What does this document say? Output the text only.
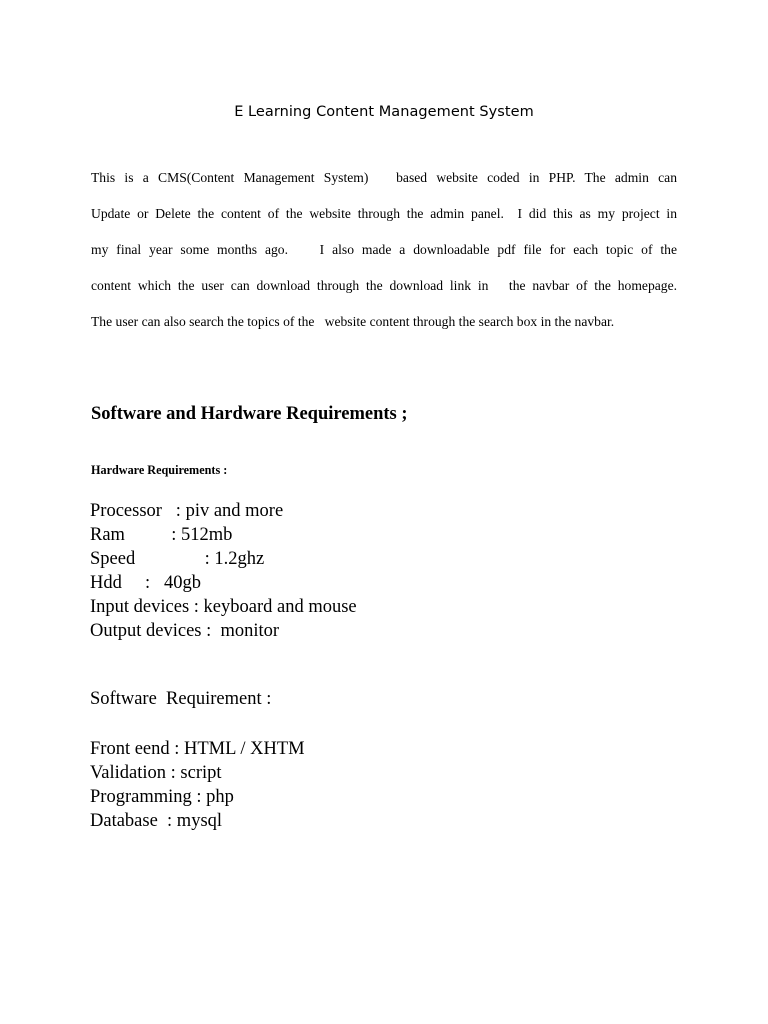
E Learning Content Management System
This is a CMS(Content Management System)   based website coded in PHP. The admin can
Update or Delete the content of the website through the admin panel.  I did this as my project in
my final year some months ago.    I also made a downloadable pdf file for each topic of the
content which the user can download through the download link in   the navbar of the homepage.
The user can also search the topics of the   website content through the search box in the navbar.
Software and Hardware Requirements ;
Hardware Requirements :
Processor   : piv and more
Ram          : 512mb
Speed               : 1.2ghz
Hdd     :   40gb
Input devices : keyboard and mouse
Output devices :  monitor
Software  Requirement :
Front eend : HTML / XHTM
Validation : script
Programming : php
Database  : mysql
